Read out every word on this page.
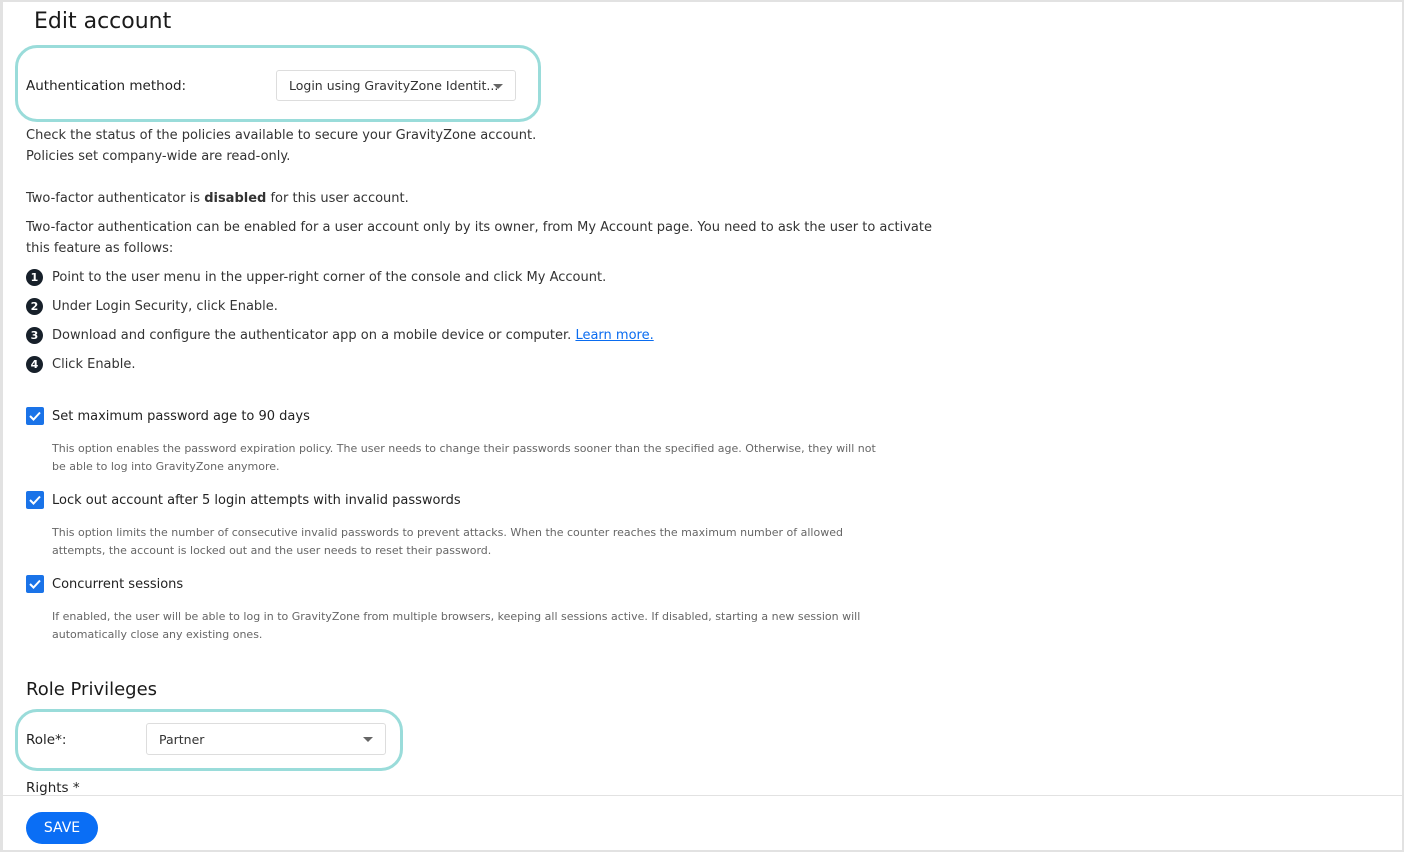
Edit account
Authentication method:	Login using GravityZone Identit...
Check the status of the policies available to secure your GravityZone account.
Policies set company-wide are read-only.
Two-factor authenticator is disabled for this user account.
Two-factor authentication can be enabled for a user account only by its owner, from My Account page. You need to ask the user to activate
this feature as follows:
1	Point to the user menu in the upper-right corner of the console and click My Account.
2	Under Login Security, click Enable.
3	Download and configure the authenticator app on a mobile device or computer. Learn more.
4	Click Enable.
Set maximum password age to 90 days
This option enables the password expiration policy. The user needs to change their passwords sooner than the specified age. Otherwise, they will not be able to log into GravityZone anymore.
Lock out account after 5 login attempts with invalid passwords
This option limits the number of consecutive invalid passwords to prevent attacks. When the counter reaches the maximum number of allowed attempts, the account is locked out and the user needs to reset their password.
Concurrent sessions
If enabled, the user will be able to log in to GravityZone from multiple browsers, keeping all sessions active. If disabled, starting a new session will automatically close any existing ones.
Role Privileges
Role*:	Partner
Rights *
SAVE
